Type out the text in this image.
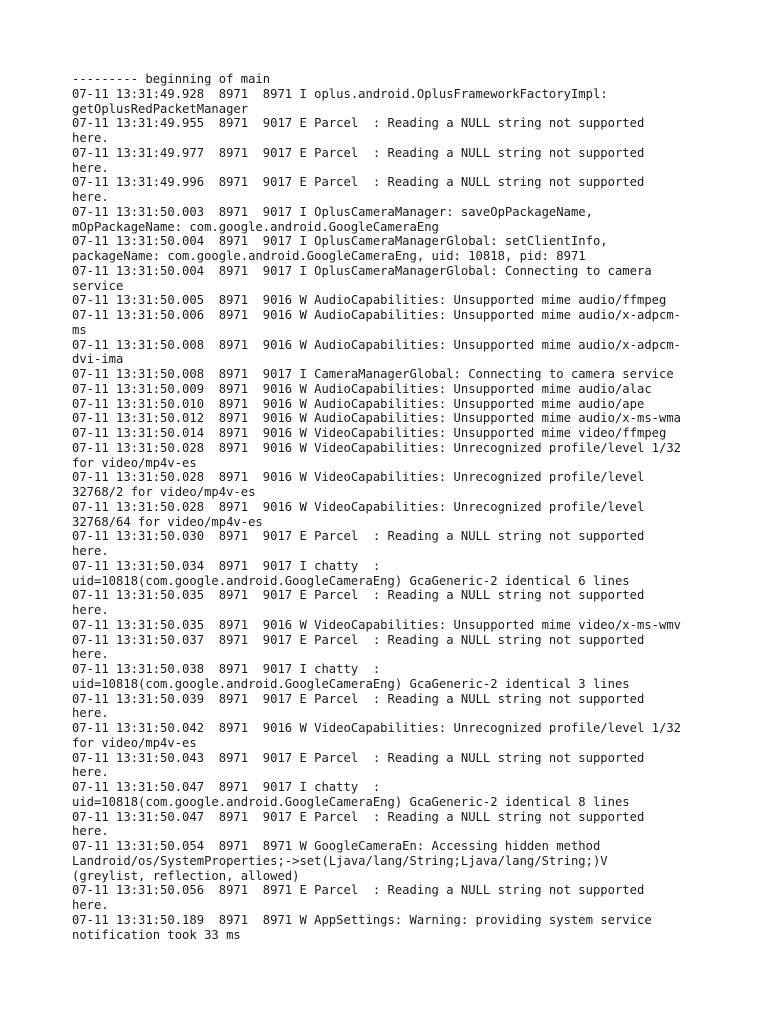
--------- beginning of main
07-11 13:31:49.928  8971  8971 I oplus.android.OplusFrameworkFactoryImpl:
getOplusRedPacketManager
07-11 13:31:49.955  8971  9017 E Parcel  : Reading a NULL string not supported
here.
07-11 13:31:49.977  8971  9017 E Parcel  : Reading a NULL string not supported
here.
07-11 13:31:49.996  8971  9017 E Parcel  : Reading a NULL string not supported
here.
07-11 13:31:50.003  8971  9017 I OplusCameraManager: saveOpPackageName,
mOpPackageName: com.google.android.GoogleCameraEng
07-11 13:31:50.004  8971  9017 I OplusCameraManagerGlobal: setClientInfo,
packageName: com.google.android.GoogleCameraEng, uid: 10818, pid: 8971
07-11 13:31:50.004  8971  9017 I OplusCameraManagerGlobal: Connecting to camera
service
07-11 13:31:50.005  8971  9016 W AudioCapabilities: Unsupported mime audio/ffmpeg
07-11 13:31:50.006  8971  9016 W AudioCapabilities: Unsupported mime audio/x-adpcm-
ms
07-11 13:31:50.008  8971  9016 W AudioCapabilities: Unsupported mime audio/x-adpcm-
dvi-ima
07-11 13:31:50.008  8971  9017 I CameraManagerGlobal: Connecting to camera service
07-11 13:31:50.009  8971  9016 W AudioCapabilities: Unsupported mime audio/alac
07-11 13:31:50.010  8971  9016 W AudioCapabilities: Unsupported mime audio/ape
07-11 13:31:50.012  8971  9016 W AudioCapabilities: Unsupported mime audio/x-ms-wma
07-11 13:31:50.014  8971  9016 W VideoCapabilities: Unsupported mime video/ffmpeg
07-11 13:31:50.028  8971  9016 W VideoCapabilities: Unrecognized profile/level 1/32
for video/mp4v-es
07-11 13:31:50.028  8971  9016 W VideoCapabilities: Unrecognized profile/level
32768/2 for video/mp4v-es
07-11 13:31:50.028  8971  9016 W VideoCapabilities: Unrecognized profile/level
32768/64 for video/mp4v-es
07-11 13:31:50.030  8971  9017 E Parcel  : Reading a NULL string not supported
here.
07-11 13:31:50.034  8971  9017 I chatty  :
uid=10818(com.google.android.GoogleCameraEng) GcaGeneric-2 identical 6 lines
07-11 13:31:50.035  8971  9017 E Parcel  : Reading a NULL string not supported
here.
07-11 13:31:50.035  8971  9016 W VideoCapabilities: Unsupported mime video/x-ms-wmv
07-11 13:31:50.037  8971  9017 E Parcel  : Reading a NULL string not supported
here.
07-11 13:31:50.038  8971  9017 I chatty  :
uid=10818(com.google.android.GoogleCameraEng) GcaGeneric-2 identical 3 lines
07-11 13:31:50.039  8971  9017 E Parcel  : Reading a NULL string not supported
here.
07-11 13:31:50.042  8971  9016 W VideoCapabilities: Unrecognized profile/level 1/32
for video/mp4v-es
07-11 13:31:50.043  8971  9017 E Parcel  : Reading a NULL string not supported
here.
07-11 13:31:50.047  8971  9017 I chatty  :
uid=10818(com.google.android.GoogleCameraEng) GcaGeneric-2 identical 8 lines
07-11 13:31:50.047  8971  9017 E Parcel  : Reading a NULL string not supported
here.
07-11 13:31:50.054  8971  8971 W GoogleCameraEn: Accessing hidden method
Landroid/os/SystemProperties;->set(Ljava/lang/String;Ljava/lang/String;)V
(greylist, reflection, allowed)
07-11 13:31:50.056  8971  8971 E Parcel  : Reading a NULL string not supported
here.
07-11 13:31:50.189  8971  8971 W AppSettings: Warning: providing system service
notification took 33 ms
